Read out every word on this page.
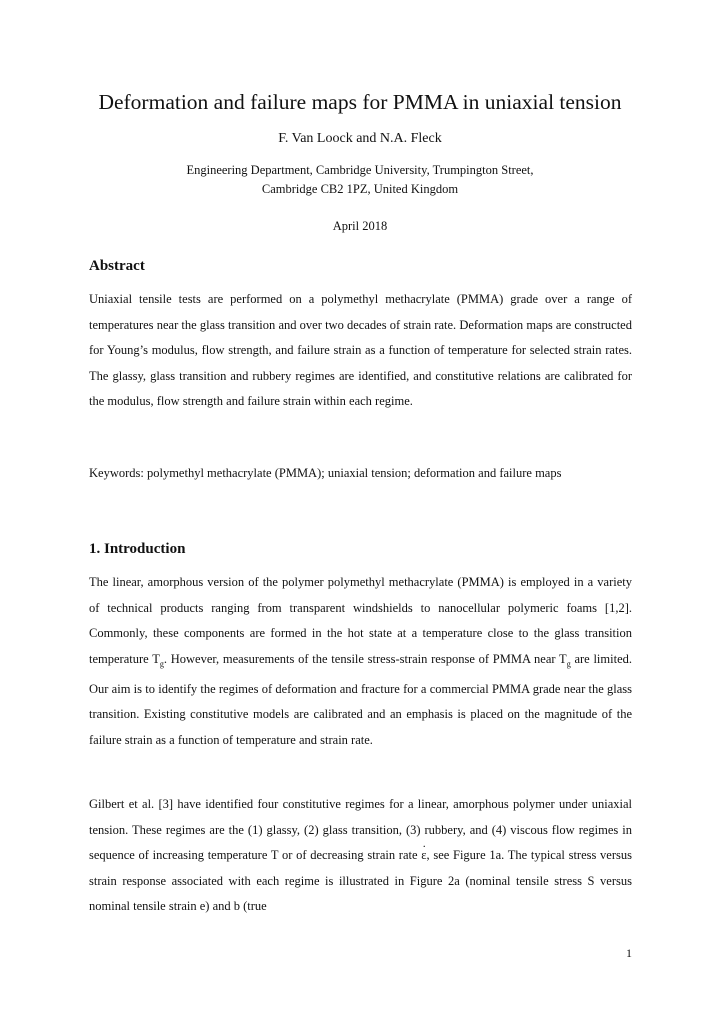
Deformation and failure maps for PMMA in uniaxial tension
F. Van Loock and N.A. Fleck
Engineering Department, Cambridge University, Trumpington Street,
Cambridge CB2 1PZ, United Kingdom
April 2018
Abstract

Uniaxial tensile tests are performed on a polymethyl methacrylate (PMMA) grade over a range of temperatures near the glass transition and over two decades of strain rate. Deformation maps are constructed for Young’s modulus, flow strength, and failure strain as a function of temperature for selected strain rates. The glassy, glass transition and rubbery regimes are identified, and constitutive relations are calibrated for the modulus, flow strength and failure strain within each regime.

Keywords: polymethyl methacrylate (PMMA); uniaxial tension; deformation and failure maps

1. Introduction

The linear, amorphous version of the polymer polymethyl methacrylate (PMMA) is employed in a variety of technical products ranging from transparent windshields to nanocellular polymeric foams [1,2]. Commonly, these components are formed in the hot state at a temperature close to the glass transition temperature $T_g$. However, measurements of the tensile stress-strain response of PMMA near $T_g$ are limited. Our aim is to identify the regimes of deformation and fracture for a commercial PMMA grade near the glass transition. Existing constitutive models are calibrated and an emphasis is placed on the magnitude of the failure strain as a function of temperature and strain rate.

Gilbert et al. [3] have identified four constitutive regimes for a linear, amorphous polymer under uniaxial tension. These regimes are the (1) glassy, (2) glass transition, (3) rubbery, and (4) viscous flow regimes in sequence of increasing temperature T or of decreasing strain rate · ε, see Figure 1a. The typical stress versus strain response associated with each regime is illustrated in Figure 2a (nominal tensile stress S versus nominal tensile strain e) and b (true

1
